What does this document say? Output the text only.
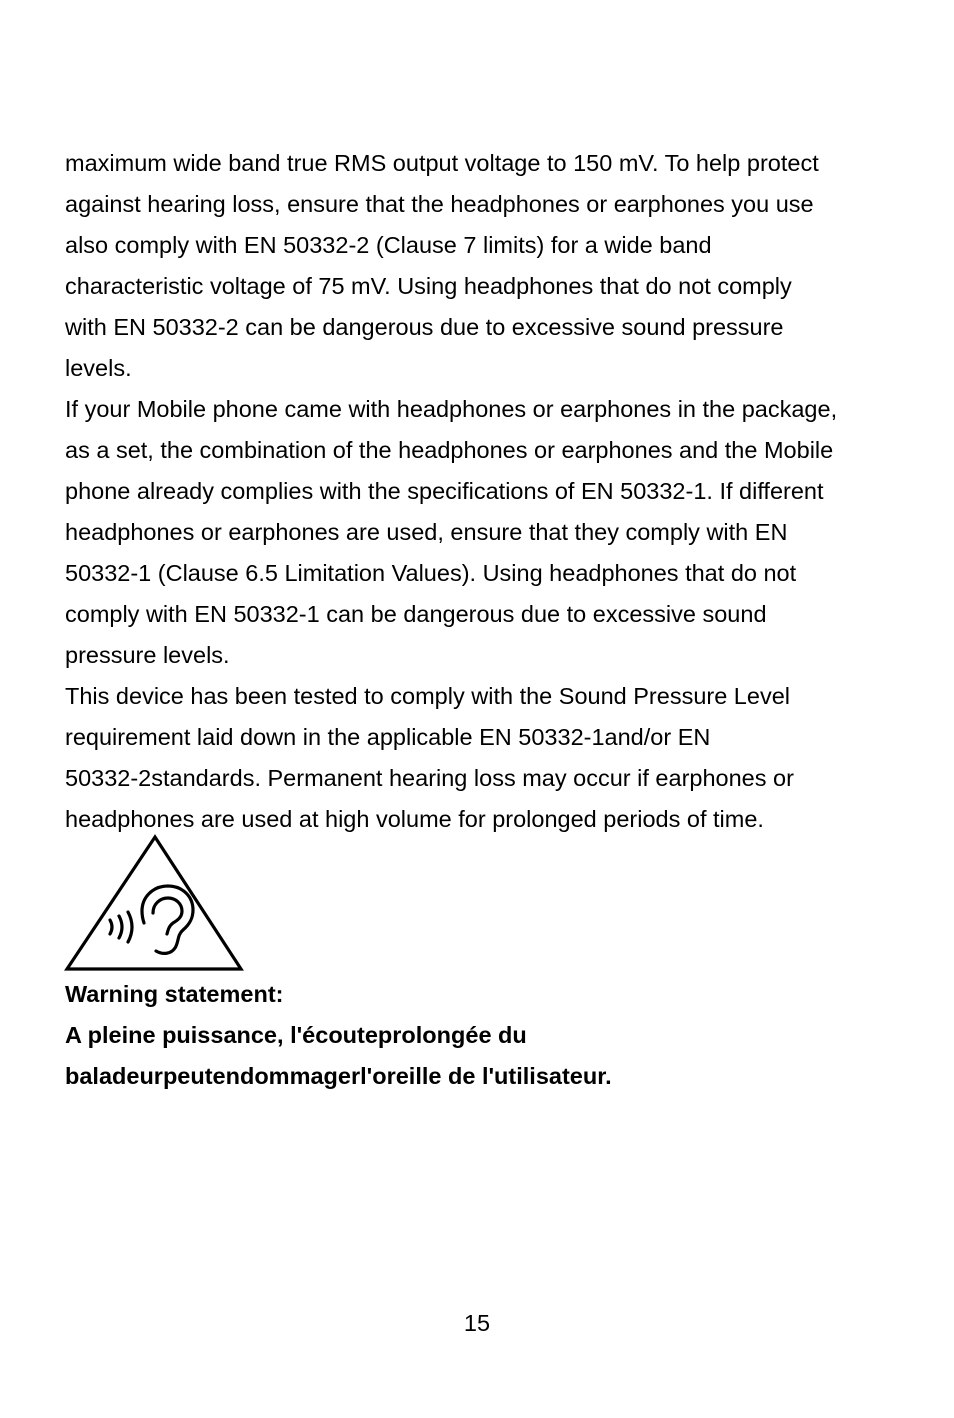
maximum wide band true RMS output voltage to 150 mV. To help protect
against hearing loss, ensure that the headphones or earphones you use
also comply with EN 50332-2 (Clause 7 limits) for a wide band
characteristic voltage of 75 mV. Using headphones that do not comply
with EN 50332-2 can be dangerous due to excessive sound pressure
levels.

If your Mobile phone came with headphones or earphones in the package,
as a set, the combination of the headphones or earphones and the Mobile
phone already complies with the specifications of EN 50332-1. If different
headphones or earphones are used, ensure that they comply with EN
50332-1 (Clause 6.5 Limitation Values). Using headphones that do not
comply with EN 50332-1 can be dangerous due to excessive sound
pressure levels.

This device has been tested to comply with the Sound Pressure Level
requirement laid down in the applicable EN 50332-1and/or EN
50332-2standards. Permanent hearing loss may occur if earphones or
headphones are used at high volume for prolonged periods of time.

Warning statement:
A pleine puissance, l'écouteprolongée du
baladeurpeutendommagerl'oreille de l'utilisateur.
15
